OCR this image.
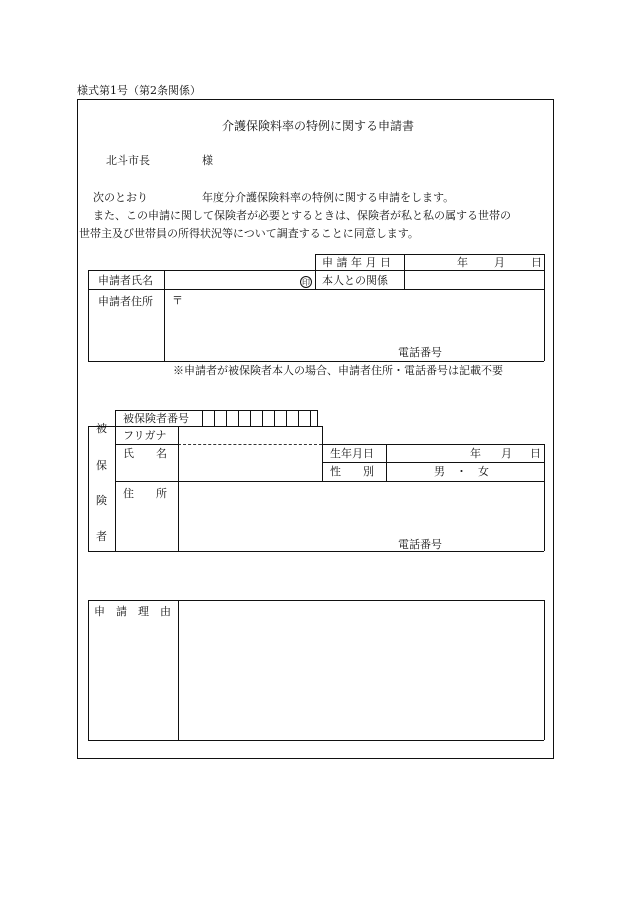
様式第1号（第2条関係）
介護保険料率の特例に関する申請書
北斗市長	様
次のとおり	年度分介護保険料率の特例に関する申請をします。
また、この申請に関して保険者が必要とするときは、保険者が私と私の属する世帯の
世帯主及び世帯員の所得状況等について調査することに同意します。
申 請 年 月 日	年 月 日
申請者氏名	印 本人との関係
申請者住所 〒
電話番号
※申請者が被保険者本人の場合、申請者住所・電話番号は記載不要
被
保
険
者
被保険者番号
フリガナ
氏　　名	生年月日	年 月 日
性　　別	男　・　女
住　　所
電話番号
申　請　理　由
